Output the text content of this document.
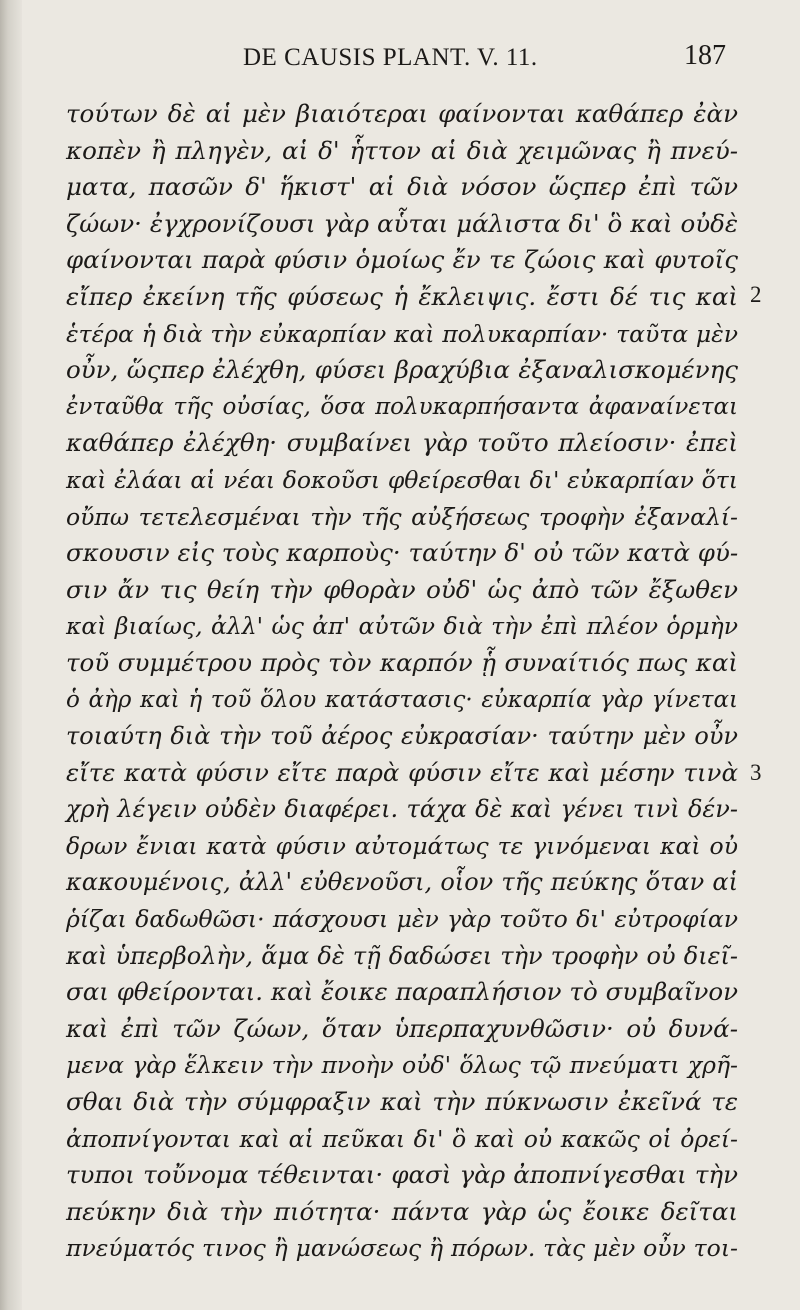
DE CAUSIS PLANT. V. 11.	187
τούτων δὲ αἱ μὲν βιαιότεραι φαίνονται καθάπερ ἐὰν
κοπὲν ἢ πληγὲν, αἱ δ' ἧττον αἱ διὰ χειμῶνας ἢ πνεύ-
ματα, πασῶν δ' ἥκιστ' αἱ διὰ νόσον ὥςπερ ἐπὶ τῶν
ζώων· ἐγχρονίζουσι γὰρ αὗται μάλιστα δι' ὃ καὶ οὐδὲ
φαίνονται παρὰ φύσιν ὁμοίως ἔν τε ζώοις καὶ φυτοῖς
εἴπερ ἐκείνη τῆς φύσεως ἡ ἔκλειψις. ἔστι δέ τις καὶ
ἑτέρα ἡ διὰ τὴν εὐκαρπίαν καὶ πολυκαρπίαν· ταῦτα μὲν
οὖν, ὥςπερ ἐλέχθη, φύσει βραχύβια ἐξαναλισκομένης
ἐνταῦθα τῆς οὐσίας, ὅσα πολυκαρπήσαντα ἀφαναίνεται
καθάπερ ἐλέχθη· συμβαίνει γὰρ τοῦτο πλείοσιν· ἐπεὶ
καὶ ἐλάαι αἱ νέαι δοκοῦσι φθείρεσθαι δι' εὐκαρπίαν ὅτι
οὔπω τετελεσμέναι τὴν τῆς αὐξήσεως τροφὴν ἐξαναλί-
σκουσιν εἰς τοὺς καρποὺς· ταύτην δ' οὐ τῶν κατὰ φύ-
σιν ἄν τις θείη τὴν φθορὰν οὐδ' ὡς ἀπὸ τῶν ἔξωθεν
καὶ βιαίως, ἀλλ' ὡς ἀπ' αὐτῶν διὰ τὴν ἐπὶ πλέον ὁρμὴν
τοῦ συμμέτρου πρὸς τὸν καρπόν ᾗ συναίτιός πως καὶ
ὁ ἀὴρ καὶ ἡ τοῦ ὅλου κατάστασις· εὐκαρπία γὰρ γίνεται
τοιαύτη διὰ τὴν τοῦ ἀέρος εὐκρασίαν· ταύτην μὲν οὖν
εἴτε κατὰ φύσιν εἴτε παρὰ φύσιν εἴτε καὶ μέσην τινὰ
χρὴ λέγειν οὐδὲν διαφέρει. τάχα δὲ καὶ γένει τινὶ δέν-
δρων ἔνιαι κατὰ φύσιν αὐτομάτως τε γινόμεναι καὶ οὐ
κακουμένοις, ἀλλ' εὐθενοῦσι, οἷον τῆς πεύκης ὅταν αἱ
ῥίζαι δαδωθῶσι· πάσχουσι μὲν γὰρ τοῦτο δι' εὐτροφίαν
καὶ ὑπερβολὴν, ἅμα δὲ τῇ δαδώσει τὴν τροφὴν οὐ διεῖ-
σαι φθείρονται. καὶ ἔοικε παραπλήσιον τὸ συμβαῖνον
καὶ ἐπὶ τῶν ζώων, ὅταν ὑπερπαχυνθῶσιν· οὐ δυνά-
μενα γὰρ ἕλκειν τὴν πνοὴν οὐδ' ὅλως τῷ πνεύματι χρῆ-
σθαι διὰ τὴν σύμφραξιν καὶ τὴν πύκνωσιν ἐκεῖνά τε
ἀποπνίγονται καὶ αἱ πεῦκαι δι' ὃ καὶ οὐ κακῶς οἱ ὀρεί-
τυποι τοὔνομα τέθεινται· φασὶ γὰρ ἀποπνίγεσθαι τὴν
πεύκην διὰ τὴν πιότητα· πάντα γὰρ ὡς ἔοικε δεῖται
πνεύματός τινος ἢ μανώσεως ἢ πόρων. τὰς μὲν οὖν τοι-
2
3
